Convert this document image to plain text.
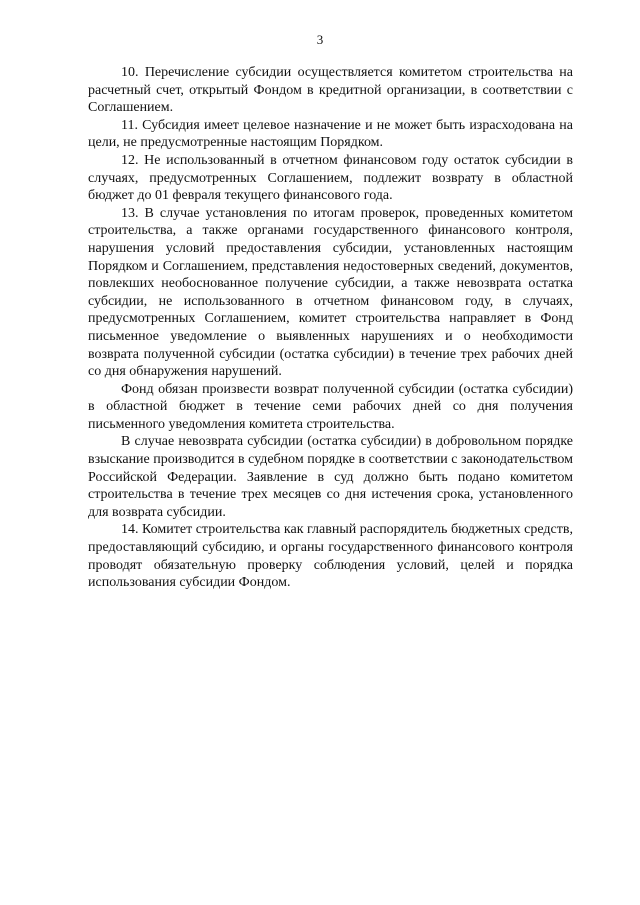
3

10. Перечисление субсидии осуществляется комитетом строительства на расчетный счет, открытый Фондом в кредитной организации, в соответствии с Соглашением.

11. Субсидия имеет целевое назначение и не может быть израсходована на цели, не предусмотренные настоящим Порядком.

12. Не использованный в отчетном финансовом году остаток субсидии в случаях, предусмотренных Соглашением, подлежит возврату в областной бюджет до 01 февраля текущего финансового года.

13. В случае установления по итогам проверок, проведенных комитетом строительства, а также органами государственного финансового контроля, нарушения условий предоставления субсидии, установленных настоящим Порядком и Соглашением, представления недостоверных сведений, документов, повлекших необоснованное получение субсидии, а также невозврата остатка субсидии, не использованного в отчетном финансовом году, в случаях, предусмотренных Соглашением, комитет строительства направляет в Фонд письменное уведомление о выявленных нарушениях и о необходимости возврата полученной субсидии (остатка субсидии) в течение трех рабочих дней со дня обнаружения нарушений.

Фонд обязан произвести возврат полученной субсидии (остатка субсидии) в областной бюджет в течение семи рабочих дней со дня получения письменного уведомления комитета строительства.

В случае невозврата субсидии (остатка субсидии) в добровольном порядке взыскание производится в судебном порядке в соответствии с законодательством Российской Федерации. Заявление в суд должно быть подано комитетом строительства в течение трех месяцев со дня истечения срока, установленного для возврата субсидии.

14. Комитет строительства как главный распорядитель бюджетных средств, предоставляющий субсидию, и органы государственного финансового контроля проводят обязательную проверку соблюдения условий, целей и порядка использования субсидии Фондом.
